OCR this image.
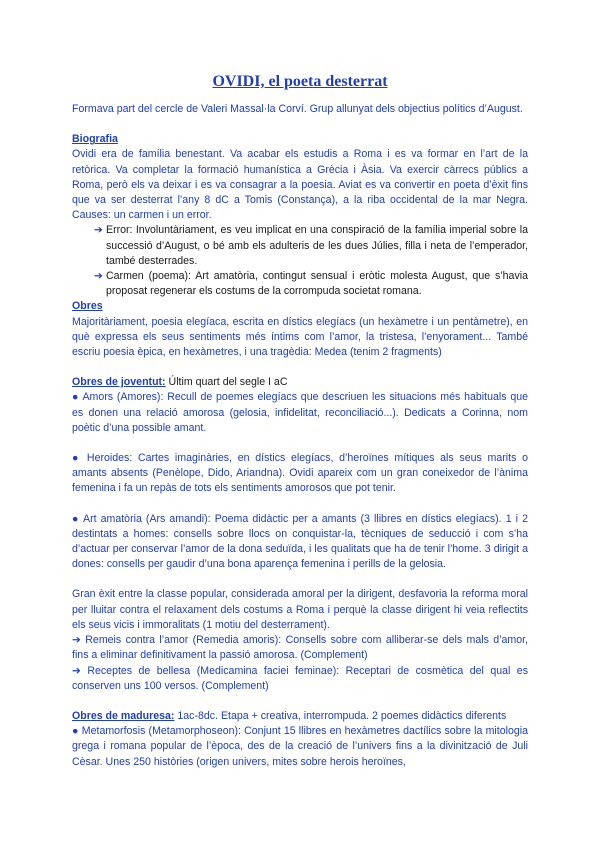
OVIDI, el poeta desterrat

Formava part del cercle de Valeri Massal·la Corví. Grup allunyat dels objectius polítics d’August.

Biografia

Ovidi era de família benestant. Va acabar els estudis a Roma i es va formar en l’art de la retòrica. Va completar la formació humanística a Grècia i Àsia. Va exercir càrrecs públics a Roma, però els va deixar i es va consagrar a la poesia. Aviat es va convertir en poeta d’èxit fins que va ser desterrat l’any 8 dC a Tomis (Constança), a la riba occidental de la mar Negra. Causes: un carmen i un error.

➔ Error: Involuntàriament, es veu implicat en una conspiració de la família imperial sobre la successió d’August, o bé amb els adulteris de les dues Júlies, filla i neta de l’emperador, també desterrades.
➔ Carmen (poema): Art amatòria, contingut sensual i eròtic molesta August, que s’havia proposat regenerar els costums de la corrompuda societat romana.

Obres

Majoritàriament, poesia elegíaca, escrita en dístics elegíacs (un hexàmetre i un pentàmetre), en què expressa els seus sentiments més íntims com l’amor, la tristesa, l’enyorament... També escriu poesia èpica, en hexàmetres, i una tragèdia: Medea (tenim 2 fragments)

Obres de joventut: Últim quart del segle I aC

● Amors (Amores): Recull de poemes elegíacs que descriuen les situacions més habituals que es donen una relació amorosa (gelosia, infidelitat, reconciliació...). Dedicats a Corinna, nom poètic d’una possible amant.

● Heroides: Cartes imaginàries, en dístics elegíacs, d’heroïnes mítiques als seus marits o amants absents (Penèlope, Dido, Ariandna). Ovidi apareix com un gran coneixedor de l’ànima femenina i fa un repàs de tots els sentiments amorosos que pot tenir.

● Art amatòria (Ars amandi): Poema didàctic per a amants (3 llibres en dístics elegíacs). 1 i 2 destintats a homes: consells sobre llocs on conquistar-la, tècniques de seducció i com s’ha d’actuar per conservar l’amor de la dona seduïda, i les qualitats que ha de tenir l’home. 3 dirigit a dones: consells per gaudir d’una bona aparença femenina i perills de la gelosia.

Gran èxit entre la classe popular, considerada amoral per la dirigent, desfavoria la reforma moral per lluitar contra el relaxament dels costums a Roma i perquè la classe dirigent hi veia reflectits els seus vicis i immoralitats (1 motiu del desterrament).

➔ Remeis contra l’amor (Remedia amoris): Consells sobre com alliberar-se dels mals d’amor, fins a eliminar definitivament la passió amorosa. (Complement)

➔ Receptes de bellesa (Medicamina faciei feminae): Receptari de cosmètica del qual es conserven uns 100 versos. (Complement)

Obres de maduresa: 1ac-8dc. Etapa + creativa, interrompuda. 2 poemes didàctics diferents

● Metamorfosis (Metamorphoseon): Conjunt 15 llibres en hexàmetres dactílics sobre la mitologia grega i romana popular de l’època, des de la creació de l’univers fins a la divinització de Juli Cèsar. Unes 250 històries (origen univers, mites sobre herois heroïnes,
